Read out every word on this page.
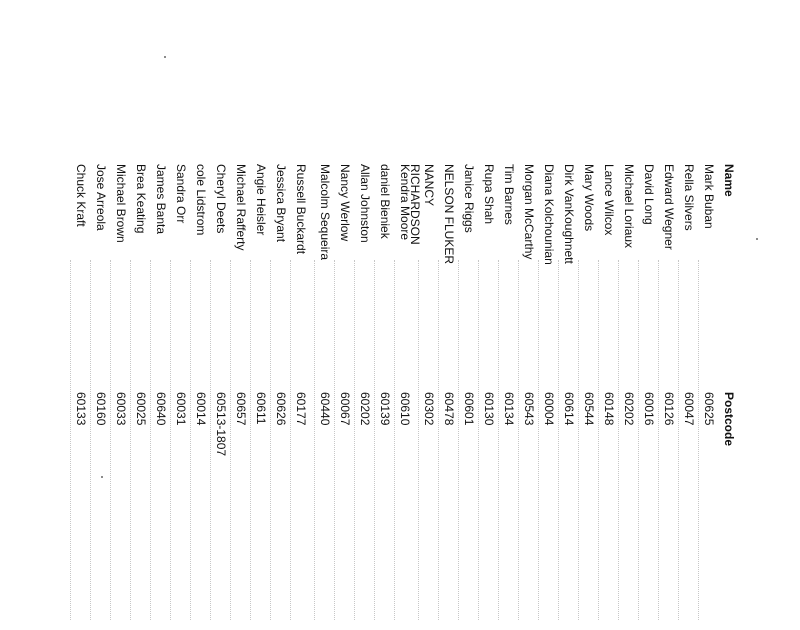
Name
Postcode
Mark Buban
60625
Rella Silvers
60047
Edward Wegner
60126
David Long
60016
Michael Loriaux
60202
Lance Wilcox
60148
Mary Woods
60544
Dirk VanKoughnett
60614
Diana Kolchounian
60004
Morgan McCarthy
60543
Tim Barnes
60134
Rupa Shah
60130
Janice Riggs
60601
NELSON FLUKER
60478
NANCY
RICHARDSON
60302
Kendra Moore
60610
daniel Bieniek
60139
Allan Johnston
60202
Nancy Werlow
60067
Malcolm Sequeira
60440
Russell Buckardt
60177
Jessica Bryant
60626
Angie Heisler
60611
Michael Rafferty
60657
Cheryl Deets
60513-1807
cole Lidstrom
60014
Sandra Orr
60031
James Banta
60640
Brea Keating
60025
Michael Brown
60033
Jose Arreola
60160
Chuck Kraft
60133
